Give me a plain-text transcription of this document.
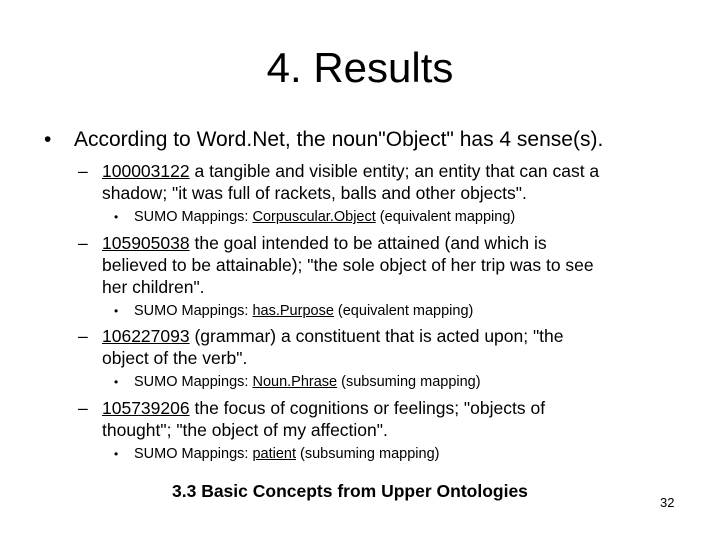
4. Results
• According to Word.Net, the noun"Object" has 4 sense(s).
– 100003122 a tangible and visible entity; an entity that can cast a
shadow; "it was full of rackets, balls and other objects".
• SUMO Mappings: Corpuscular.Object (equivalent mapping)
– 105905038 the goal intended to be attained (and which is
believed to be attainable); "the sole object of her trip was to see
her children".
• SUMO Mappings: has.Purpose (equivalent mapping)
– 106227093 (grammar) a constituent that is acted upon; "the
object of the verb".
• SUMO Mappings: Noun.Phrase (subsuming mapping)
– 105739206 the focus of cognitions or feelings; "objects of
thought"; "the object of my affection".
• SUMO Mappings: patient (subsuming mapping)
3.3 Basic Concepts from Upper Ontologies
32
